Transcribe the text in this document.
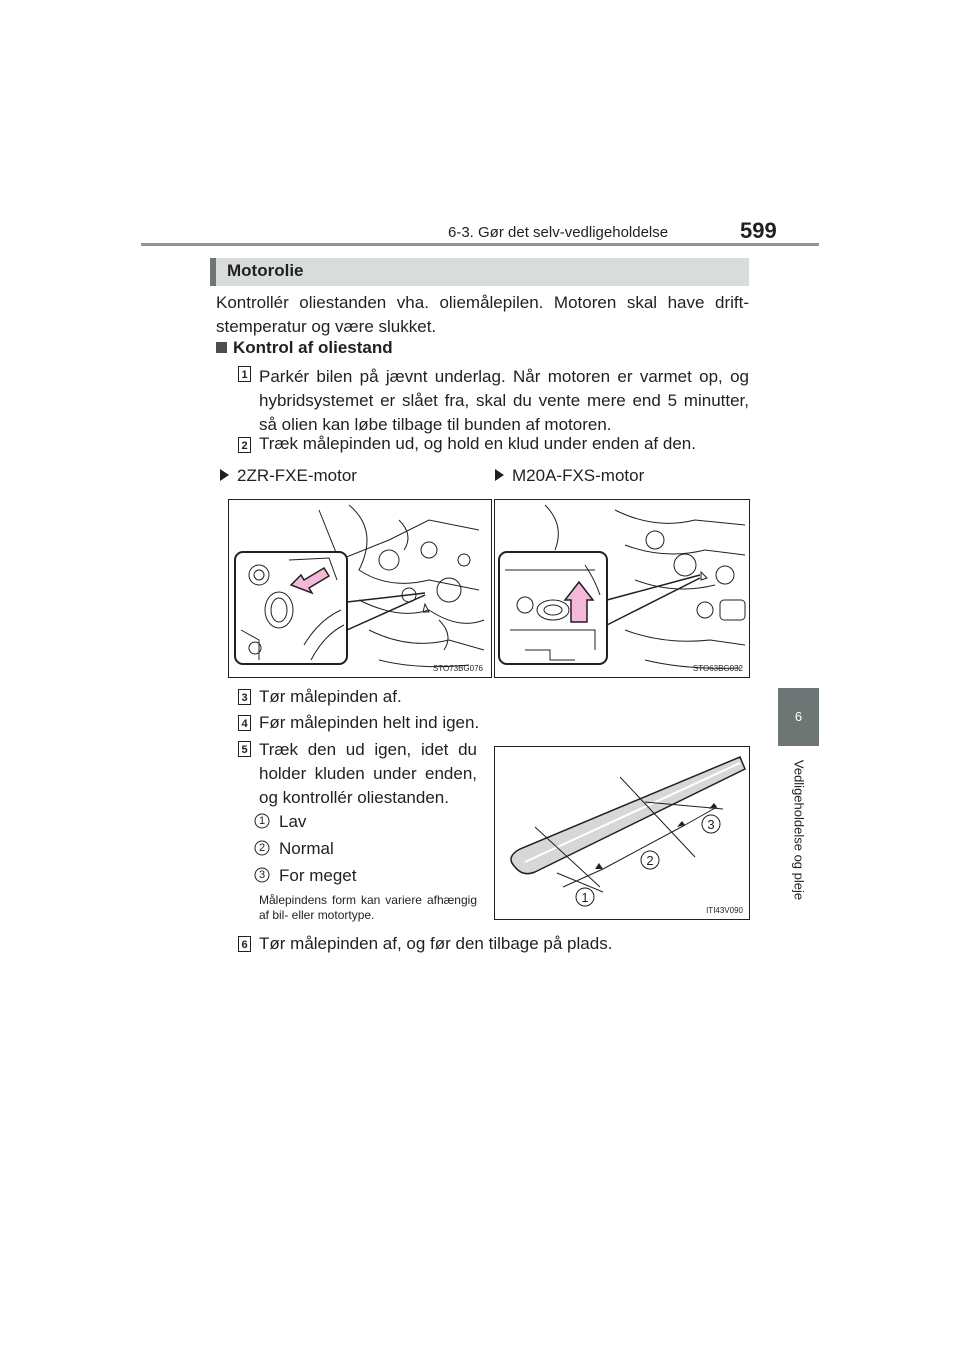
6-3. Gør det selv-vedligeholdelse	599
6
Vedligeholdelse og pleje
Motorolie
Kontrollér oliestanden vha. oliemålepilen. Motoren skal have drift-stemperatur og være slukket.
Kontrol af oliestand
1 Parkér bilen på jævnt underlag. Når motoren er varmet op, og hybridsystemet er slået fra, skal du vente mere end 5 minutter, så olien kan løbe tilbage til bunden af motoren.
2 Træk målepinden ud, og hold en klud under enden af den.
2ZR-FXE-motor	M20A-FXS-motor
STO73BG076	STO63BG032
3 Tør målepinden af.
4 Før målepinden helt ind igen.
5 Træk den ud igen, idet du holder kluden under enden, og kontrollér oliestanden.
1 Lav
2 Normal
3 For meget
Målepindens form kan variere afhængig af bil- eller motortype.
1
2
3
ITI43V090
6 Tør målepinden af, og før den tilbage på plads.
